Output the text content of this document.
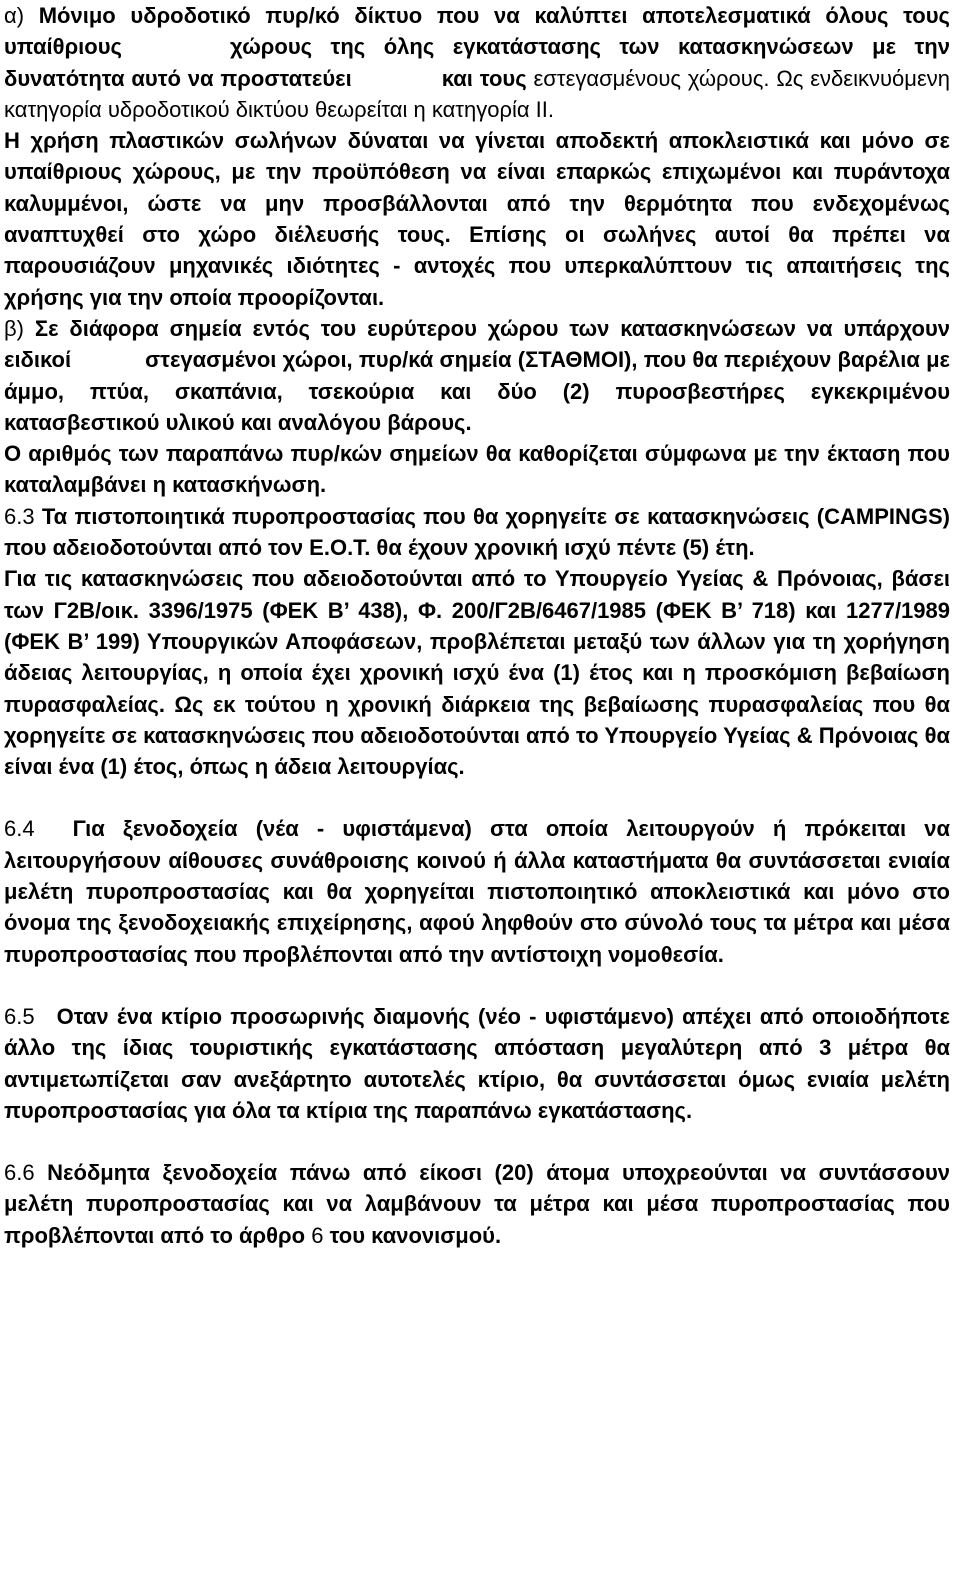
α) Μόνιμο υδροδοτικό πυρ/κό δίκτυο που να καλύπτει αποτελεσματικά όλους τους υπαίθριους	χώρους της όλης εγκατάστασης των κατασκηνώσεων με την δυνατότητα αυτό να προστατεύει	και τους εστεγασμένους χώρους. Ως ενδεικνυόμενη κατηγορία υδροδοτικού δικτύου θεωρείται η κατηγορία II.

Η χρήση πλαστικών σωλήνων δύναται να γίνεται αποδεκτή αποκλειστικά και μόνο σε υπαίθριους χώρους, με την προϋπόθεση να είναι επαρκώς επιχωμένοι και πυράντοχα καλυμμένοι, ώστε να μην προσβάλλονται από την θερμότητα που ενδεχομένως αναπτυχθεί στο χώρο διέλευσής τους. Επίσης οι σωλήνες αυτοί θα πρέπει να παρουσιάζουν μηχανικές ιδιότητες - αντοχές που υπερκαλύπτουν τις απαιτήσεις της χρήσης για την οποία προορίζονται.

β) Σε διάφορα σημεία εντός του ευρύτερου χώρου των κατασκηνώσεων να υπάρχουν ειδικοί	στεγασμένοι χώροι, πυρ/κά σημεία (ΣΤΑΘΜΟΙ), που θα περιέχουν βαρέλια με άμμο, πτύα, σκαπάνια, τσεκούρια και δύο (2) πυροσβεστήρες εγκεκριμένου κατασβεστικού υλικού και αναλόγου βάρους.

Ο αριθμός των παραπάνω πυρ/κών σημείων θα καθορίζεται σύμφωνα με την έκταση που καταλαμβάνει η κατασκήνωση.

6.3 Τα πιστοποιητικά πυροπροστασίας που θα χορηγείτε σε κατασκηνώσεις (CAMPINGS) που αδειοδοτούνται από τον Ε.Ο.Τ. θα έχουν χρονική ισχύ πέντε (5) έτη.

Για τις κατασκηνώσεις που αδειοδοτούνται από το Υπουργείο Υγείας & Πρόνοιας, βάσει των Γ2Β/οικ. 3396/1975 (ΦΕΚ Β’ 438), Φ. 200/Γ2Β/6467/1985 (ΦΕΚ Β’ 718) και 1277/1989 (ΦΕΚ Β’ 199) Υπουργικών Αποφάσεων, προβλέπεται μεταξύ των άλλων για τη χορήγηση άδειας λειτουργίας, η οποία έχει χρονική ισχύ ένα (1) έτος και η προσκόμιση βεβαίωση πυρασφαλείας. Ως εκ τούτου η χρονική διάρκεια της βεβαίωσης πυρασφαλείας που θα χορηγείτε σε κατασκηνώσεις που αδειοδοτούνται από το Υπουργείο Υγείας & Πρόνοιας θα είναι ένα (1) έτος, όπως η άδεια λειτουργίας.

6.4 Για ξενοδοχεία (νέα - υφιστάμενα) στα οποία λειτουργούν ή πρόκειται να λειτουργήσουν αίθουσες συνάθροισης κοινού ή άλλα καταστήματα θα συντάσσεται ενιαία μελέτη πυροπροστασίας και θα χορηγείται πιστοποιητικό αποκλειστικά και μόνο στο όνομα της ξενοδοχειακής επιχείρησης, αφού ληφθούν στο σύνολό τους τα μέτρα και μέσα πυροπροστασίας που προβλέπονται από την αντίστοιχη νομοθεσία.

6.5 Οταν ένα κτίριο προσωρινής διαμονής (νέο - υφιστάμενο) απέχει από οποιοδήποτε άλλο της ίδιας τουριστικής εγκατάστασης απόσταση μεγαλύτερη από 3 μέτρα θα αντιμετωπίζεται σαν ανεξάρτητο αυτοτελές κτίριο, θα συντάσσεται όμως ενιαία μελέτη πυροπροστασίας για όλα τα κτίρια της παραπάνω εγκατάστασης.

6.6 Νεόδμητα ξενοδοχεία πάνω από είκοσι (20) άτομα υποχρεούνται να συντάσσουν μελέτη πυροπροστασίας και να λαμβάνουν τα μέτρα και μέσα πυροπροστασίας που προβλέπονται από το άρθρο 6 του κανονισμού.
